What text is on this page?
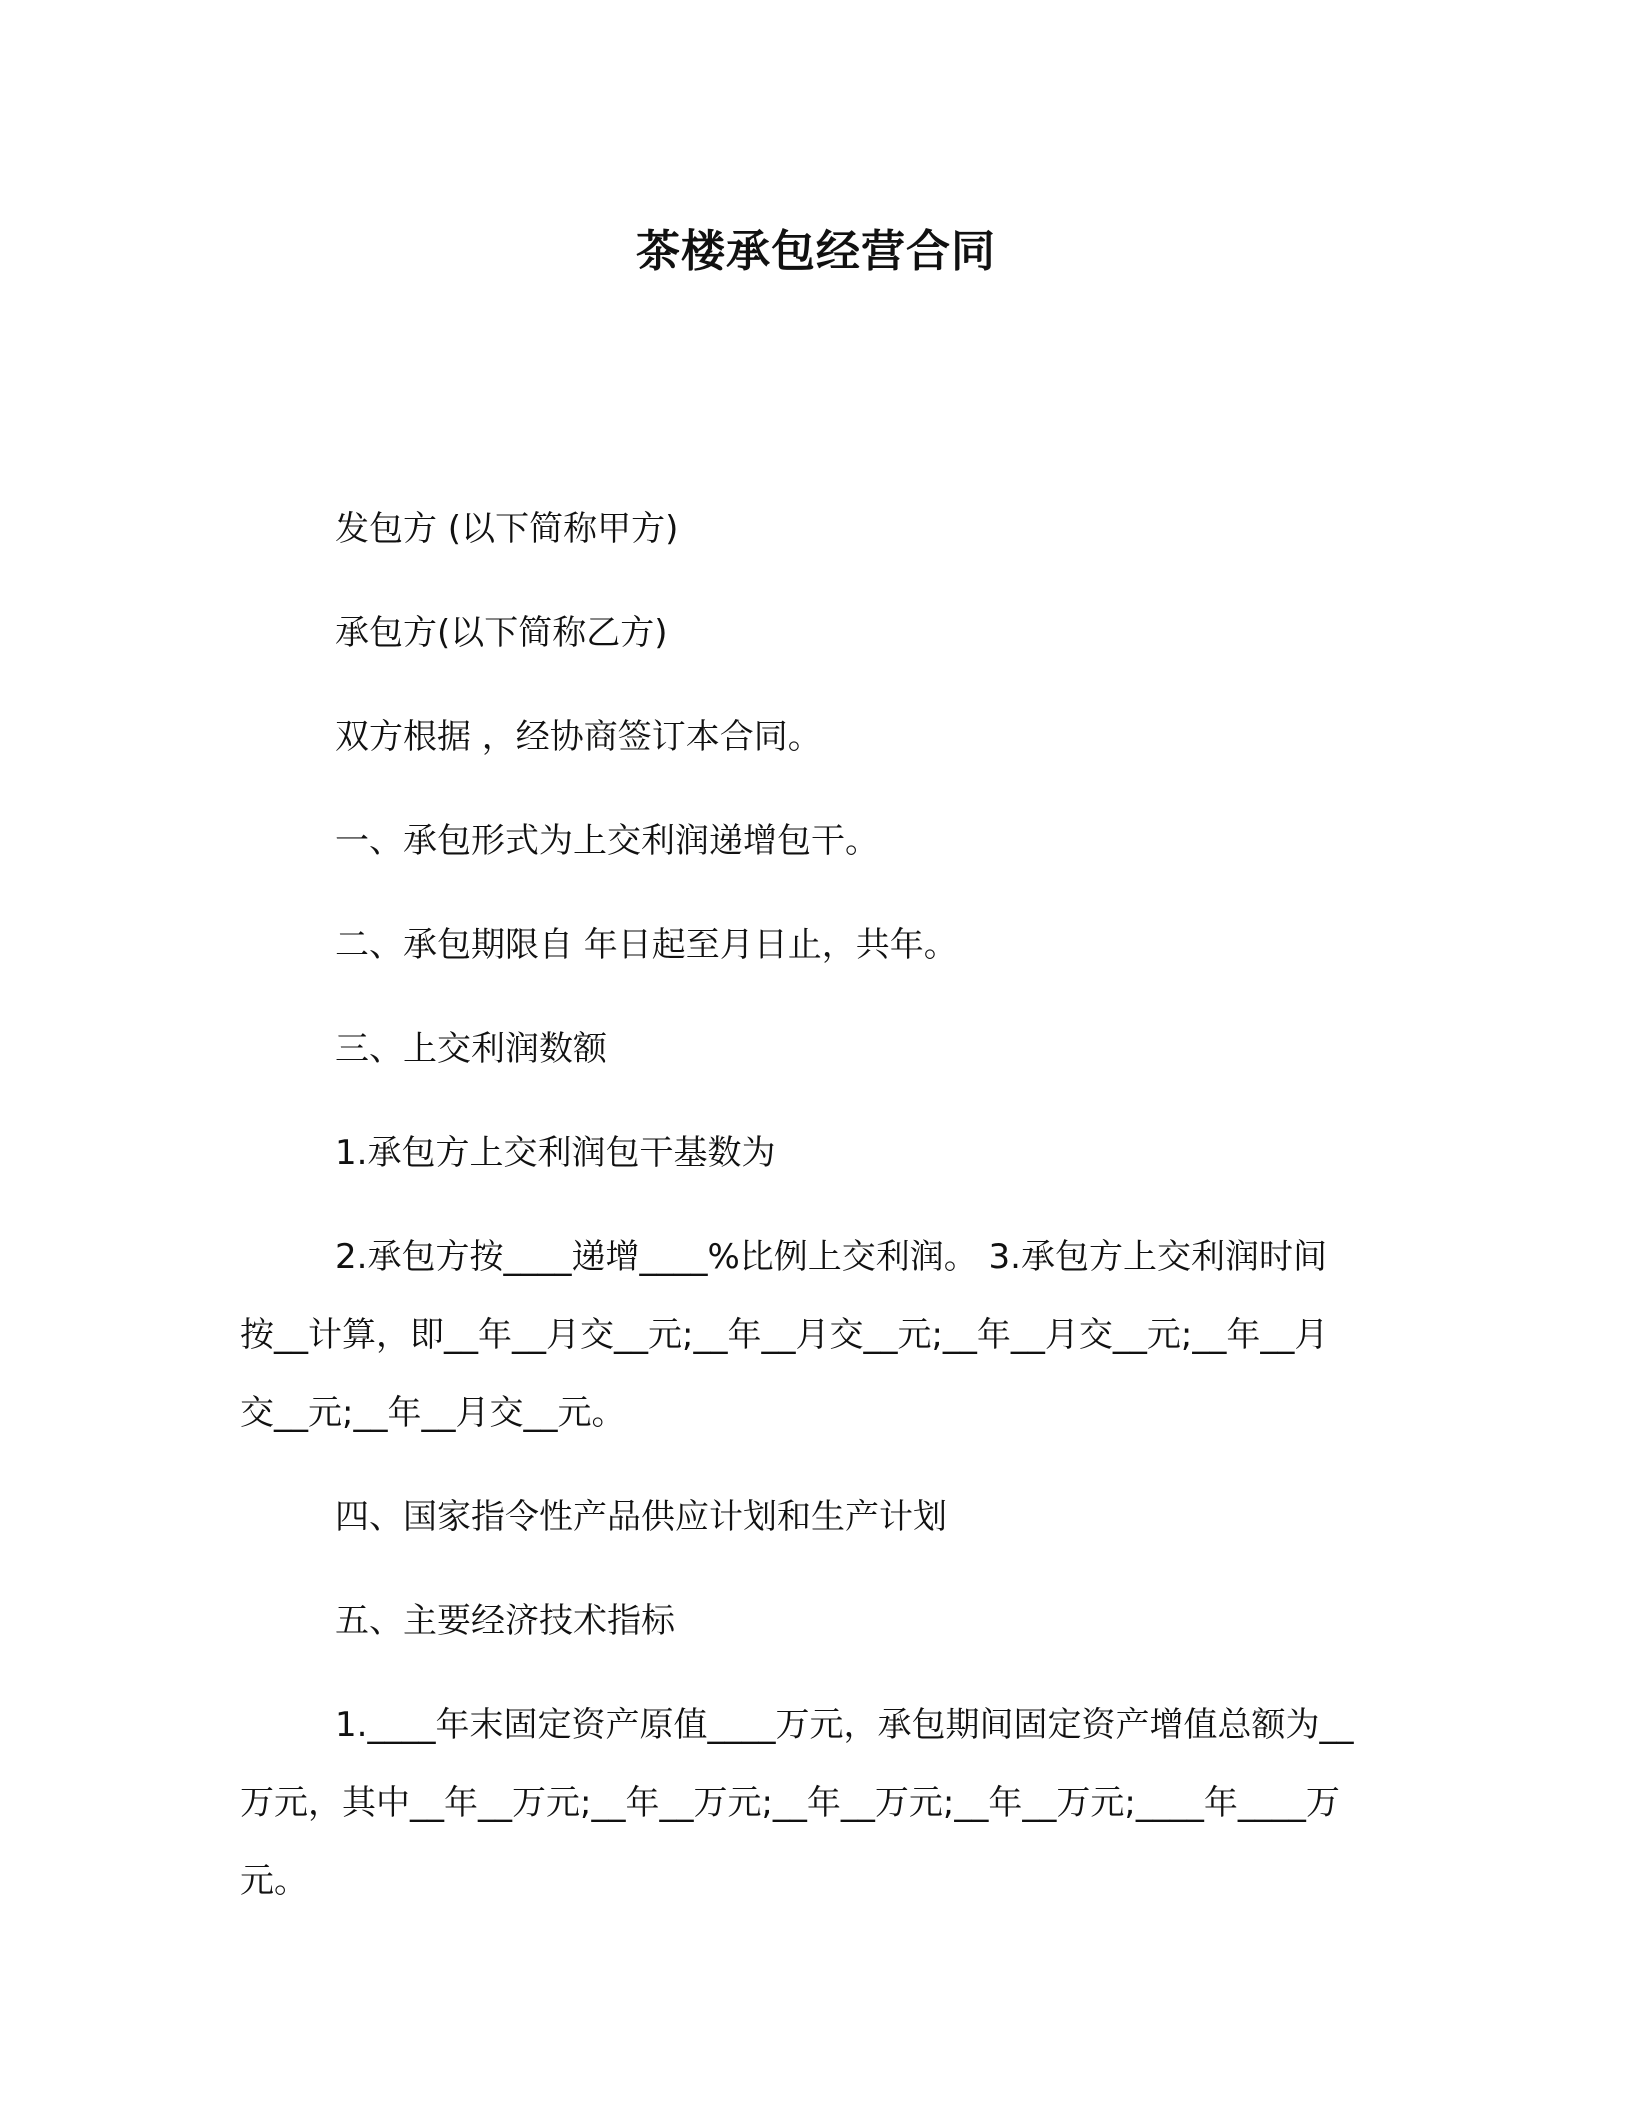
茶楼承包经营合同

发包方 (以下简称甲方)

承包方(以下简称乙方)

双方根据 ，经协商签订本合同。

一、承包形式为上交利润递增包干。

二、承包期限自 年日起至月日止，共年。

三、上交利润数额

1.承包方上交利润包干基数为

2.承包方按____递增____%比例上交利润。 3.承包方上交利润时间按__计算，即__年__月交__元;__年__月交__元;__年__月交__元;__年__月交__元;__年__月交__元。

四、国家指令性产品供应计划和生产计划

五、主要经济技术指标

1.____年末固定资产原值____万元，承包期间固定资产增值总额为__万元，其中__年__万元;__年__万元;__年__万元;__年__万元;____年____万元。
